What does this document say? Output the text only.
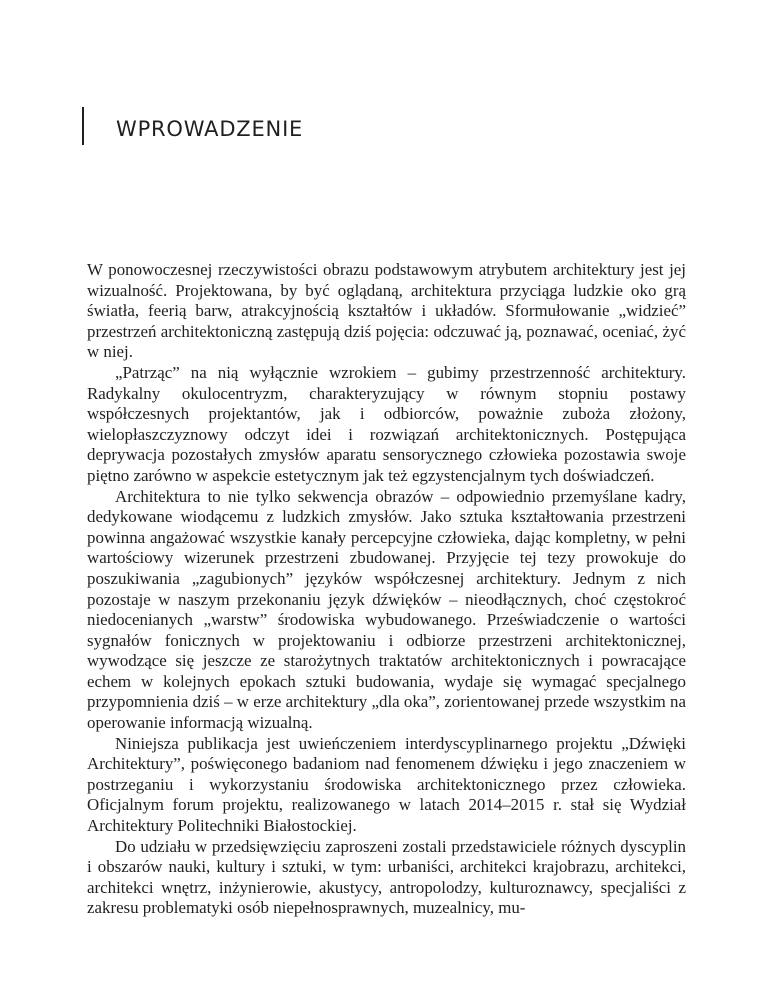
WPROWADZENIE

W ponowoczesnej rzeczywistości obrazu podstawowym atrybutem architektury jest jej wizualność. Projektowana, by być oglądaną, architektura przyciąga ludzkie oko grą światła, feerią barw, atrakcyjnością kształtów i układów. Sformułowanie „widzieć” przestrzeń architektoniczną zastępują dziś pojęcia: odczuwać ją, poznawać, oceniać, żyć w niej.

„Patrząc” na nią wyłącznie wzrokiem – gubimy przestrzenność architektury. Radykalny okulocentryzm, charakteryzujący w równym stopniu postawy współczesnych projektantów, jak i odbiorców, poważnie zuboża złożony, wielopłaszczyznowy odczyt idei i rozwiązań architektonicznych. Postępująca deprywacja pozostałych zmysłów aparatu sensorycznego człowieka pozostawia swoje piętno zarówno w aspekcie estetycznym jak też egzystencjalnym tych doświadczeń.

Architektura to nie tylko sekwencja obrazów – odpowiednio przemyślane kadry, dedykowane wiodącemu z ludzkich zmysłów. Jako sztuka kształtowania przestrzeni powinna angażować wszystkie kanały percepcyjne człowieka, dając kompletny, w pełni wartościowy wizerunek przestrzeni zbudowanej. Przyjęcie tej tezy prowokuje do poszukiwania „zagubionych” języków współczesnej architektury. Jednym z nich pozostaje w naszym przekonaniu język dźwięków – nieodłącznych, choć częstokroć niedocenianych „warstw” środowiska wybudowanego. Przeświadczenie o wartości sygnałów fonicznych w projektowaniu i odbiorze przestrzeni architektonicznej, wywodzące się jeszcze ze starożytnych traktatów architektonicznych i powracające echem w kolejnych epokach sztuki budowania, wydaje się wymagać specjalnego przypomnienia dziś – w erze architektury „dla oka”, zorientowanej przede wszystkim na operowanie informacją wizualną.

Niniejsza publikacja jest uwieńczeniem interdyscyplinarnego projektu „Dźwięki Architektury”, poświęconego badaniom nad fenomenem dźwięku i jego znaczeniem w postrzeganiu i wykorzystaniu środowiska architektonicznego przez człowieka. Oficjalnym forum projektu, realizowanego w latach 2014–2015 r. stał się Wydział Architektury Politechniki Białostockiej.

Do udziału w przedsięwzięciu zaproszeni zostali przedstawiciele różnych dyscyplin i obszarów nauki, kultury i sztuki, w tym: urbaniści, architekci krajobrazu, architekci, architekci wnętrz, inżynierowie, akustycy, antropolodzy, kulturoznawcy, specjaliści z zakresu problematyki osób niepełnosprawnych, muzealnicy, mu-
